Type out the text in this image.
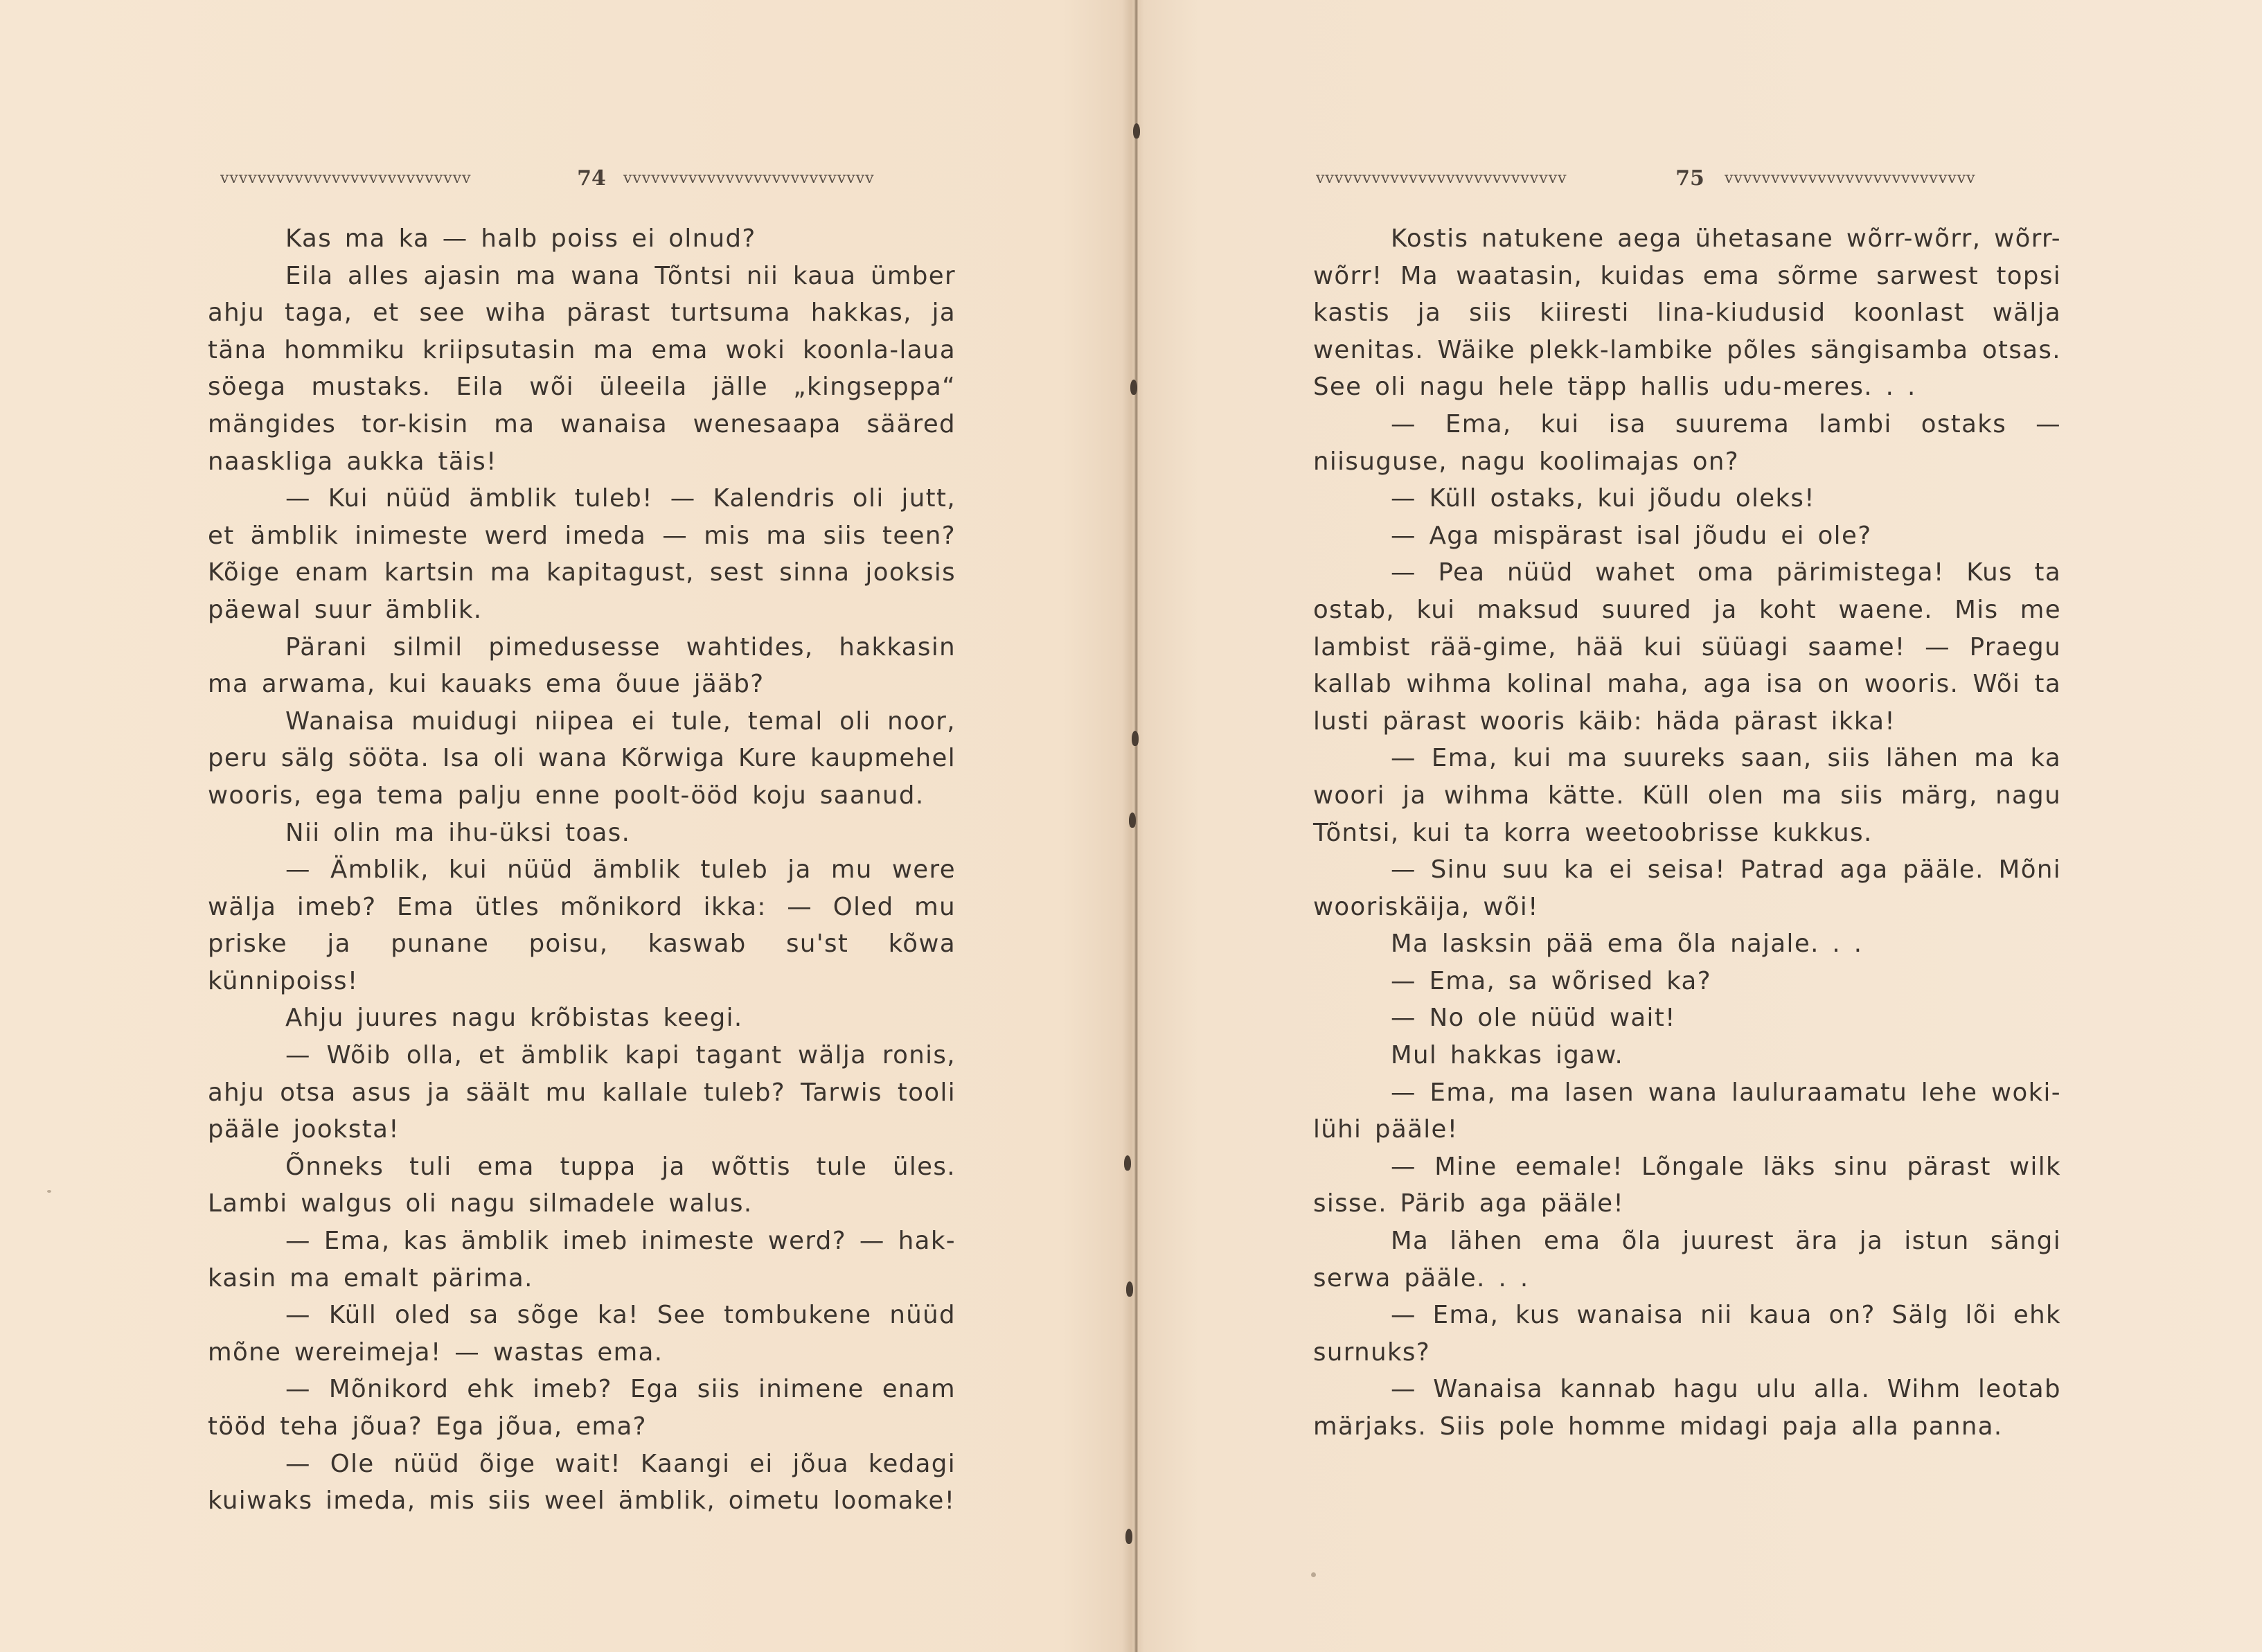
vvvvvvvvvvvvvvvvvvvvvvvvvvv	74	vvvvvvvvvvvvvvvvvvvvvvvvvvv

Kas ma ka — halb poiss ei olnud?

Eila alles ajasin ma wana Tõntsi nii kaua ümber ahju taga, et see wiha pärast turtsuma hakkas, ja täna hommiku kriipsutasin ma ema woki koonla-laua söega mustaks. Eila wõi üleeila jälle „kingseppa“ mängides tor-kisin ma wanaisa wenesaapa sääred naaskliga aukka täis!

— Kui nüüd ämblik tuleb! — Kalendris oli jutt, et ämblik inimeste werd imeda — mis ma siis teen? Kõige enam kartsin ma kapitagust, sest sinna jooksis päewal suur ämblik.

Pärani silmil pimedusesse wahtides, hakkasin ma arwama, kui kauaks ema õuue jääb?

Wanaisa muidugi niipea ei tule, temal oli noor, peru sälg sööta. Isa oli wana Kõrwiga Kure kaupmehel wooris, ega tema palju enne poolt-ööd koju saanud.

Nii olin ma ihu-üksi toas.

— Ämblik, kui nüüd ämblik tuleb ja mu were wälja imeb? Ema ütles mõnikord ikka: — Oled mu priske ja punane poisu, kaswab su'st kõwa künnipoiss!

Ahju juures nagu krõbistas keegi.

— Wõib olla, et ämblik kapi tagant wälja ronis, ahju otsa asus ja säält mu kallale tuleb? Tarwis tooli pääle jooksta!

Õnneks tuli ema tuppa ja wõttis tule üles. Lambi walgus oli nagu silmadele walus.

— Ema, kas ämblik imeb inimeste werd? — hak-kasin ma emalt pärima.

— Küll oled sa sõge ka! See tombukene nüüd mõne wereimeja! — wastas ema.

— Mõnikord ehk imeb? Ega siis inimene enam tööd teha jõua? Ega jõua, ema?

— Ole nüüd õige wait! Kaangi ei jõua kedagi kuiwaks imeda, mis siis weel ämblik, oimetu loomake!

vvvvvvvvvvvvvvvvvvvvvvvvvvv	75	vvvvvvvvvvvvvvvvvvvvvvvvvvv

Kostis natukene aega ühetasane wõrr-wõrr, wõrr-wõrr! Ma waatasin, kuidas ema sõrme sarwest topsi kastis ja siis kiiresti lina-kiudusid koonlast wälja wenitas. Wäike plekk-lambike põles sängisamba otsas. See oli nagu hele täpp hallis udu-meres. . .

— Ema, kui isa suurema lambi ostaks — niisuguse, nagu koolimajas on?

— Küll ostaks, kui jõudu oleks!

— Aga mispärast isal jõudu ei ole?

— Pea nüüd wahet oma pärimistega! Kus ta ostab, kui maksud suured ja koht waene. Mis me lambist rää-gime, hää kui süüagi saame! — Praegu kallab wihma kolinal maha, aga isa on wooris. Wõi ta lusti pärast wooris käib: häda pärast ikka!

— Ema, kui ma suureks saan, siis lähen ma ka woori ja wihma kätte. Küll olen ma siis märg, nagu Tõntsi, kui ta korra weetoobrisse kukkus.

— Sinu suu ka ei seisa! Patrad aga pääle. Mõni wooriskäija, wõi!

Ma lasksin pää ema õla najale. . .

— Ema, sa wõrised ka?

— No ole nüüd wait!

Mul hakkas igaw.

— Ema, ma lasen wana lauluraamatu lehe woki-lühi pääle!

— Mine eemale! Lõngale läks sinu pärast wilk sisse. Pärib aga pääle!

Ma lähen ema õla juurest ära ja istun sängi serwa pääle. . .

— Ema, kus wanaisa nii kaua on? Sälg lõi ehk surnuks?

— Wanaisa kannab hagu ulu alla. Wihm leotab märjaks. Siis pole homme midagi paja alla panna.
